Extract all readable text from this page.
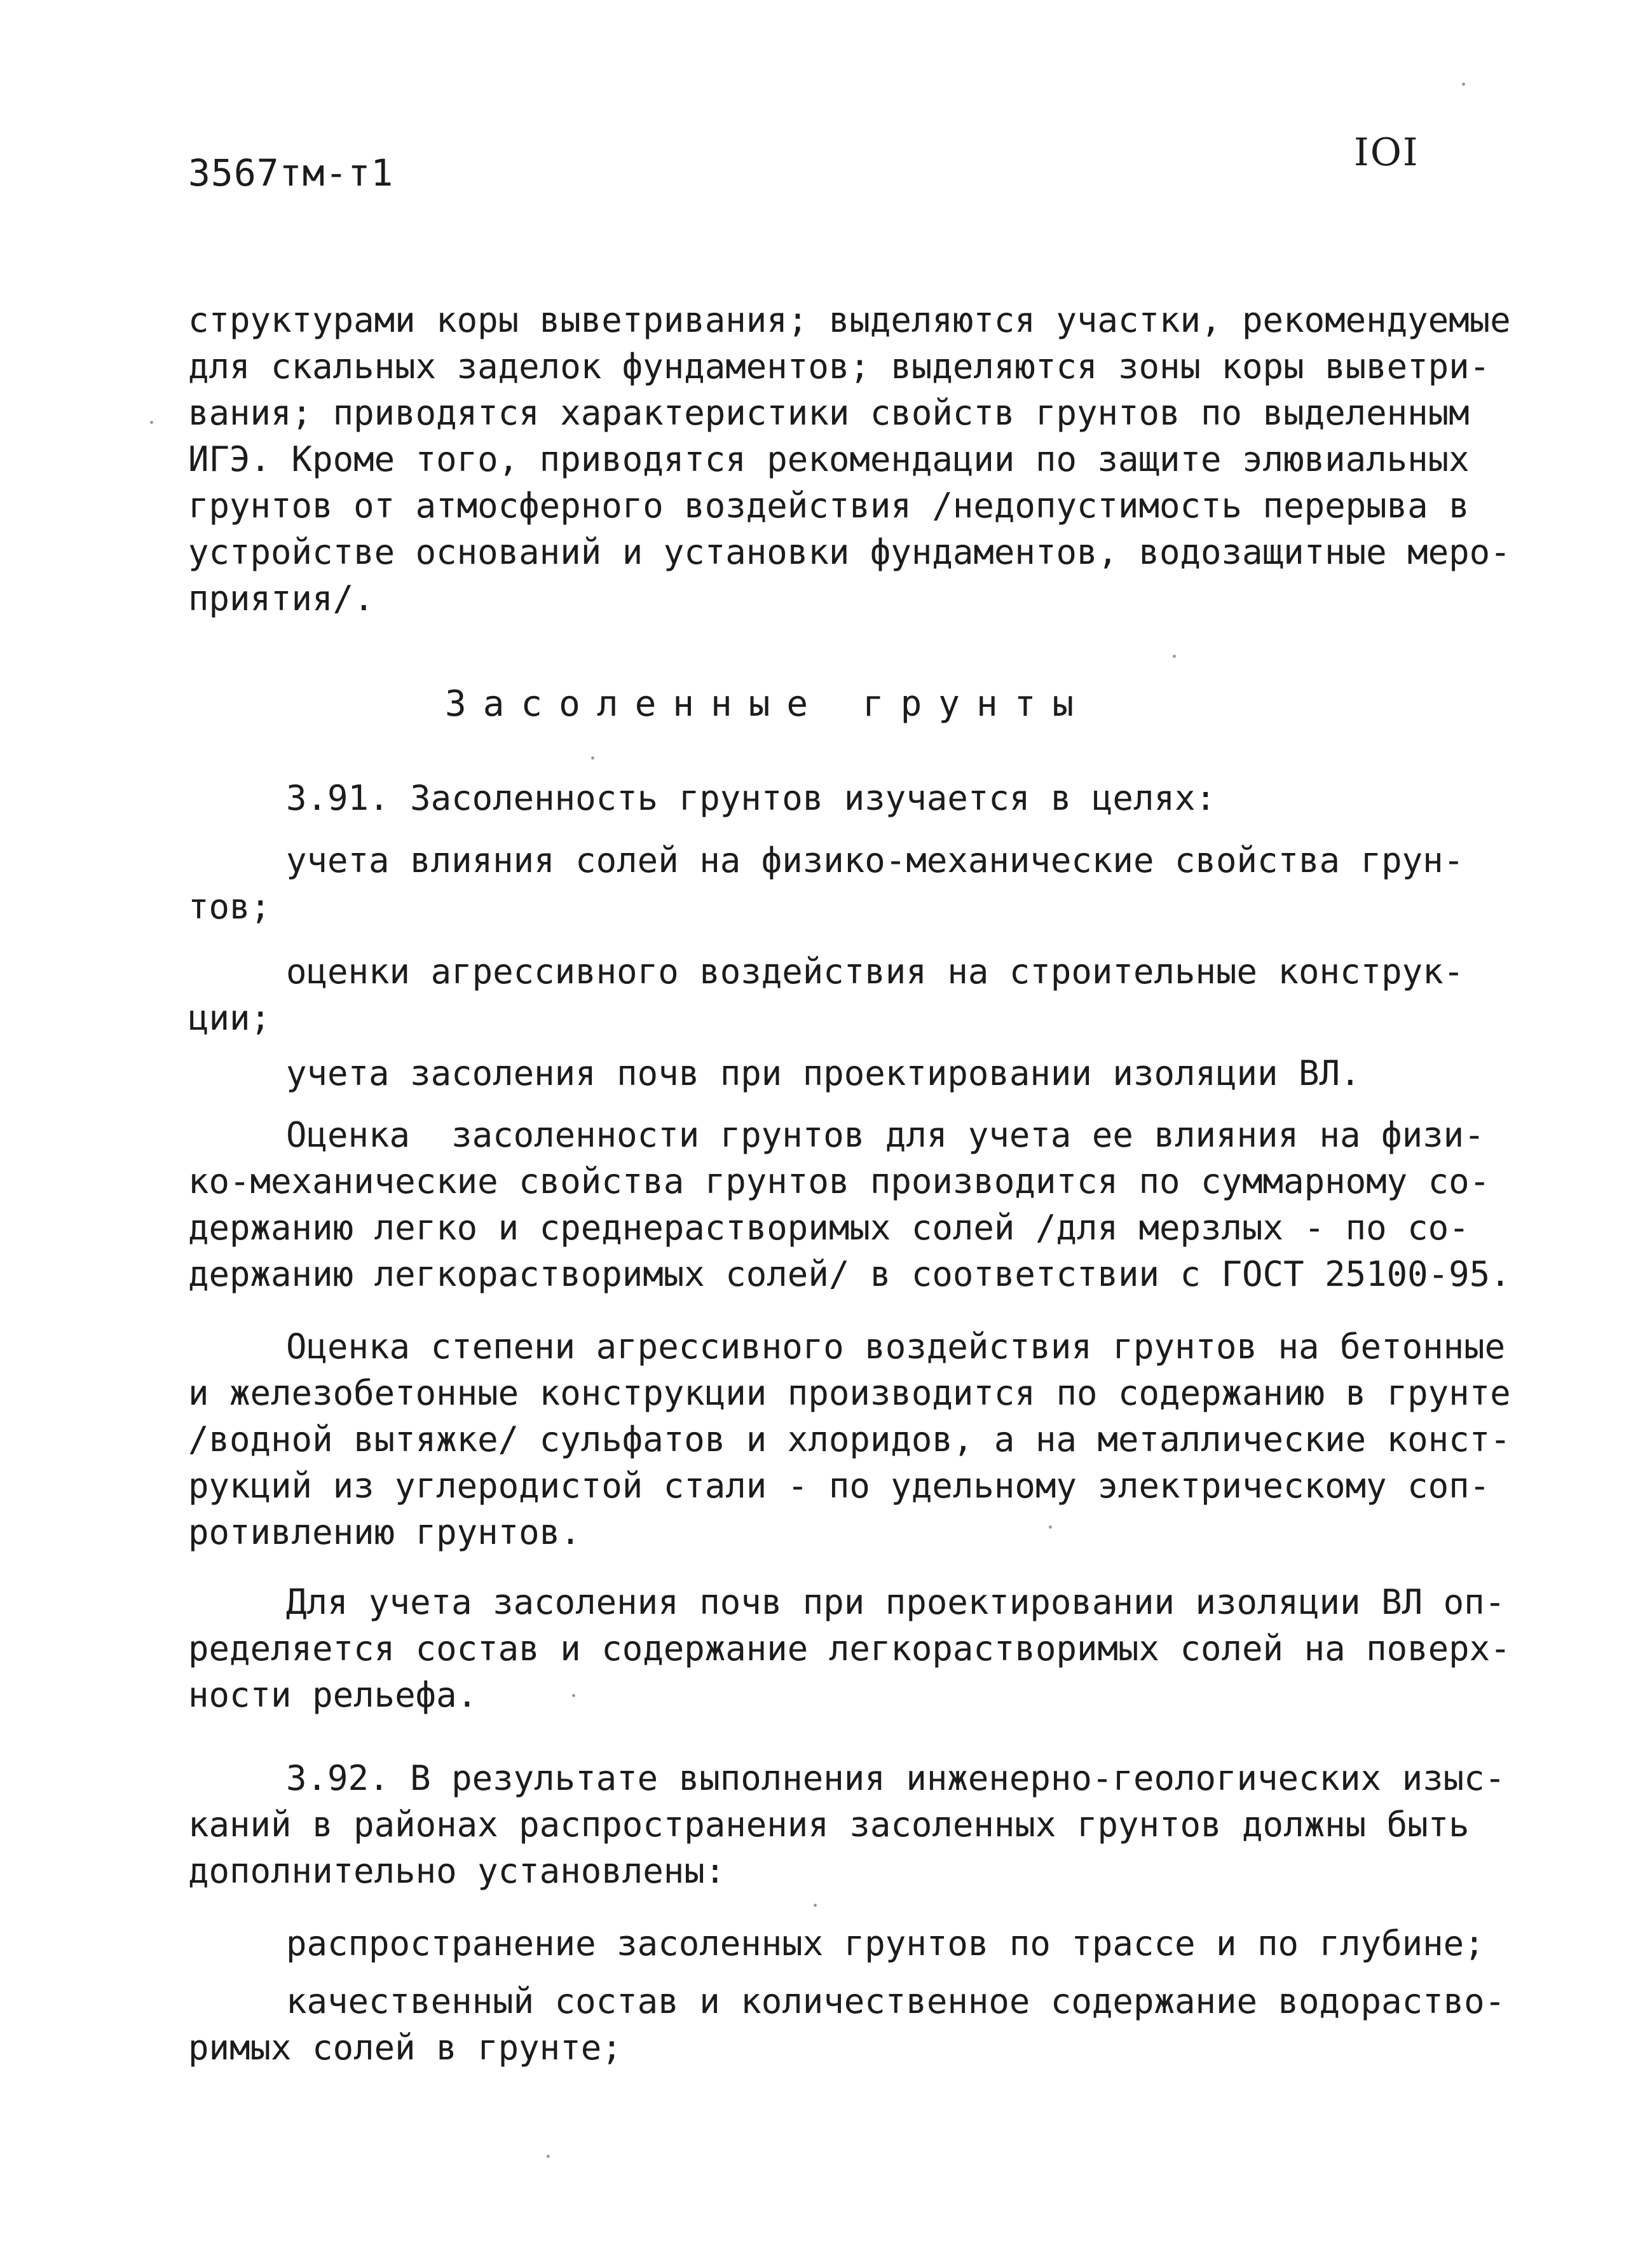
3567тм-т1	IOI
структурами коры выветривания; выделяются участки, рекомендуемые
для скальных заделок фундаментов; выделяются зоны коры выветри-
вания; приводятся характеристики свойств грунтов по выделенным
ИГЭ. Кроме того, приводятся рекомендации по защите элювиальных
грунтов от атмосферного воздействия /недопустимость перерыва в
устройстве оснований и установки фундаментов, водозащитные меро-
приятия/.
Засоленные грунты
3.91. Засоленность грунтов изучается в целях:
учета влияния солей на физико-механические свойства грун-
тов;
оценки агрессивного воздействия на строительные конструк-
ции;
учета засоления почв при проектировании изоляции ВЛ.
Оценка  засоленности грунтов для учета ее влияния на физи-
ко-механические свойства грунтов производится по суммарному со-
держанию легко и среднерастворимых солей /для мерзлых - по со-
держанию легкорастворимых солей/ в соответствии с ГОСТ 25100-95.
Оценка степени агрессивного воздействия грунтов на бетонные
и железобетонные конструкции производится по содержанию в грунте
/водной вытяжке/ сульфатов и хлоридов, а на металлические конст-
рукций из углеродистой стали - по удельному электрическому соп-
ротивлению грунтов.
Для учета засоления почв при проектировании изоляции ВЛ оп-
ределяется состав и содержание легкорастворимых солей на поверх-
ности рельефа.
3.92. В результате выполнения инженерно-геологических изыс-
каний в районах распространения засоленных грунтов должны быть
дополнительно установлены:
распространение засоленных грунтов по трассе и по глубине;
качественный состав и количественное содержание водораство-
римых солей в грунте;
